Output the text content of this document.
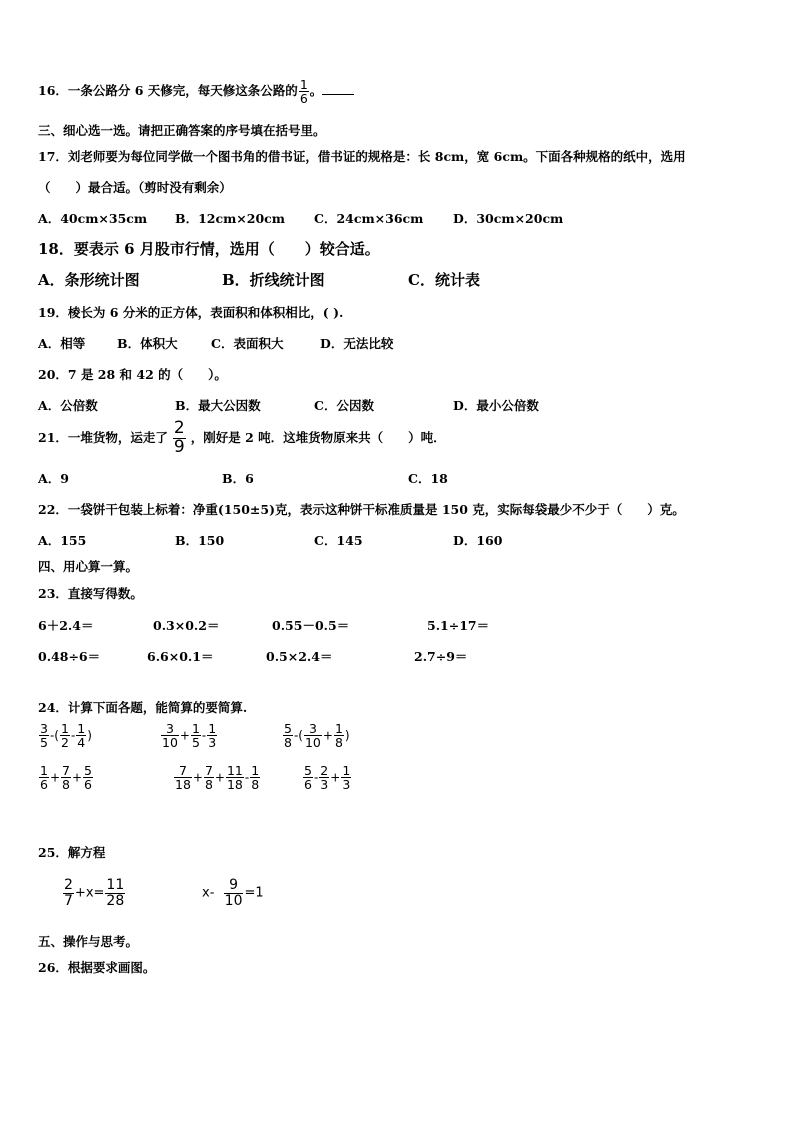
16．一条公路分 6 天修完，每天修这条公路的 $\frac{1}{6}$ 。
三、细心选一选。请把正确答案的序号填在括号里。
17．刘老师要为每位同学做一个图书角的借书证，借书证的规格是：长 8cm，宽 6cm。下面各种规格的纸中，选用
（　　）最合适。（剪时没有剩余）
A．40cm×35cm B．12cm×20cm C．24cm×36cm D．30cm×20cm
18．要表示 6 月股市行情，选用（　　）较合适。
A．条形统计图	B．折线统计图	C．统计表
19．棱长为 6 分米的正方体，表面积和体积相比，( ).
A．相等	B．体积大	C．表面积大	D．无法比较
20．7 是 28 和 42 的（　　）。
A．公倍数	B．最大公因数	C．公因数	D．最小公倍数
21．一堆货物，运走了 $\frac{2}{9}$ ，刚好是 2 吨．这堆货物原来共（　　）吨．
A．9	B．6	C．18
22．一袋饼干包装上标着：净重(150±5)克，表示这种饼干标准质量是 150 克，实际每袋最少不少于（　　）克。
A．155	B．150	C．145	D．160
四、用心算一算。
23．直接写得数。
6＋2.4＝	0.3×0.2＝	0.55－0.5＝	5.1÷17＝
0.48÷6＝	6.6×0.1＝	0.5×2.4＝	2.7÷9＝
24．计算下面各题，能简算的要简算.
$\frac{3}{5}$ -( $\frac{1}{2} - \frac{1}{4}$ )	$\frac{3}{10} + \frac{1}{5} - \frac{1}{3}$	$\frac{5}{8}$ -( $\frac{3}{10} + \frac{1}{8}$ )
$\frac{1}{6} + \frac{7}{8} + \frac{5}{6}$	$\frac{7}{18} + \frac{7}{8} + \frac{11}{18} - \frac{1}{8}$	$\frac{5}{6} - \frac{2}{3} + \frac{1}{3}$
25．解方程
$\frac{2}{7} +x= \frac{11}{28}$	$x- \frac{9}{10} =1$
五、操作与思考。
26．根据要求画图。
